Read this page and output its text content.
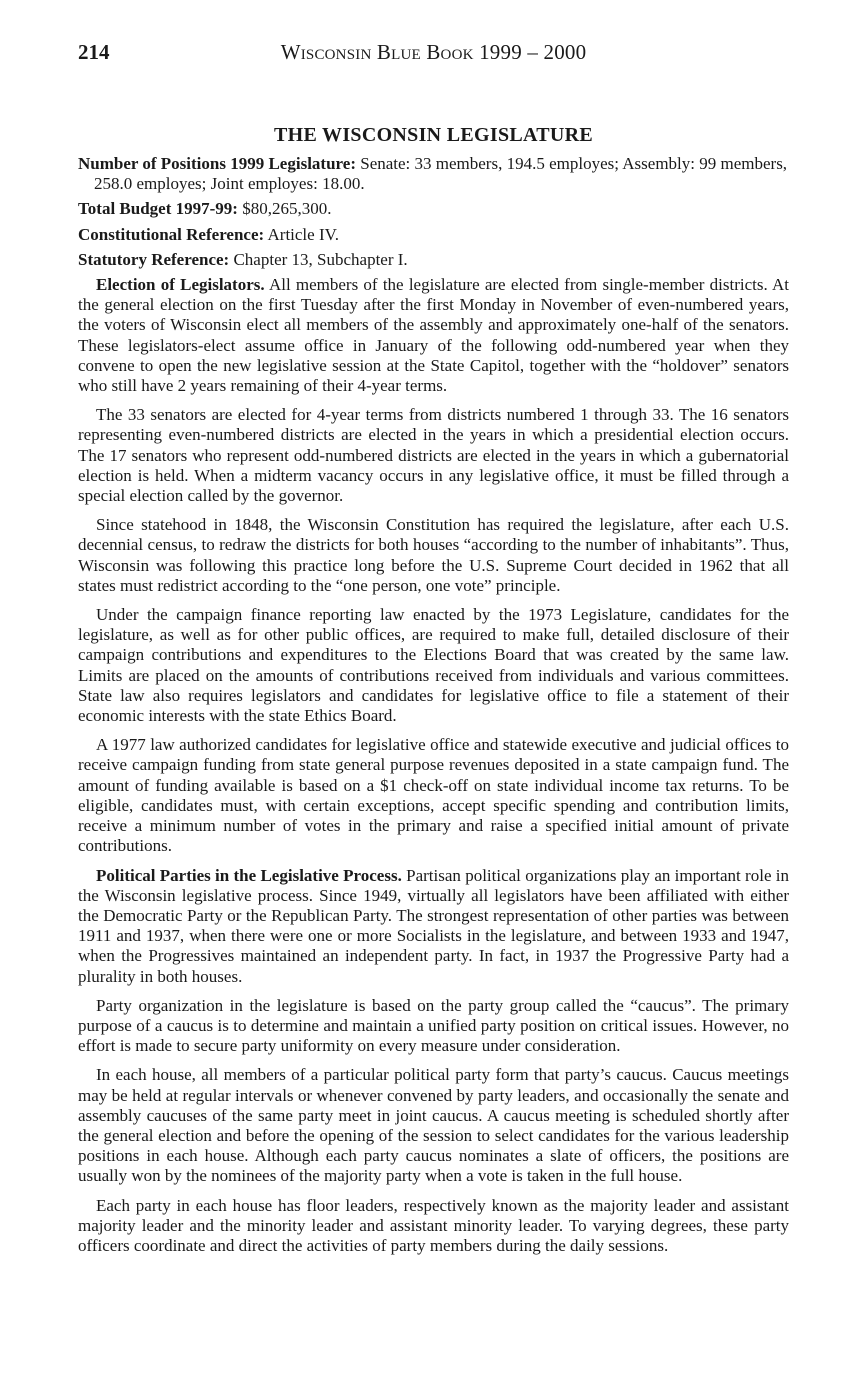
214	Wisconsin Blue Book 1999 – 2000
THE WISCONSIN LEGISLATURE

Number of Positions 1999 Legislature: Senate: 33 members, 194.5 employes; Assembly: 99 members, 258.0 employes; Joint employes: 18.00.

Total Budget 1997-99: $80,265,300.

Constitutional Reference: Article IV.

Statutory Reference: Chapter 13, Subchapter I.

Election of Legislators. All members of the legislature are elected from single-member districts. At the general election on the first Tuesday after the first Monday in November of even-numbered years, the voters of Wisconsin elect all members of the assembly and approximately one-half of the senators. These legislators-elect assume office in January of the following odd-numbered year when they convene to open the new legislative session at the State Capitol, together with the “holdover” senators who still have 2 years remaining of their 4-year terms.

The 33 senators are elected for 4-year terms from districts numbered 1 through 33. The 16 senators representing even-numbered districts are elected in the years in which a presidential election occurs. The 17 senators who represent odd-numbered districts are elected in the years in which a gubernatorial election is held. When a midterm vacancy occurs in any legislative office, it must be filled through a special election called by the governor.

Since statehood in 1848, the Wisconsin Constitution has required the legislature, after each U.S. decennial census, to redraw the districts for both houses “according to the number of inhabitants”. Thus, Wisconsin was following this practice long before the U.S. Supreme Court decided in 1962 that all states must redistrict according to the “one person, one vote” principle.

Under the campaign finance reporting law enacted by the 1973 Legislature, candidates for the legislature, as well as for other public offices, are required to make full, detailed disclosure of their campaign contributions and expenditures to the Elections Board that was created by the same law. Limits are placed on the amounts of contributions received from individuals and various committees. State law also requires legislators and candidates for legislative office to file a statement of their economic interests with the state Ethics Board.

A 1977 law authorized candidates for legislative office and statewide executive and judicial offices to receive campaign funding from state general purpose revenues deposited in a state campaign fund. The amount of funding available is based on a $1 check-off on state individual income tax returns. To be eligible, candidates must, with certain exceptions, accept specific spending and contribution limits, receive a minimum number of votes in the primary and raise a specified initial amount of private contributions.

Political Parties in the Legislative Process. Partisan political organizations play an important role in the Wisconsin legislative process. Since 1949, virtually all legislators have been affiliated with either the Democratic Party or the Republican Party. The strongest representation of other parties was between 1911 and 1937, when there were one or more Socialists in the legislature, and between 1933 and 1947, when the Progressives maintained an independent party. In fact, in 1937 the Progressive Party had a plurality in both houses.

Party organization in the legislature is based on the party group called the “caucus”. The primary purpose of a caucus is to determine and maintain a unified party position on critical issues. However, no effort is made to secure party uniformity on every measure under consideration.

In each house, all members of a particular political party form that party’s caucus. Caucus meetings may be held at regular intervals or whenever convened by party leaders, and occasionally the senate and assembly caucuses of the same party meet in joint caucus. A caucus meeting is scheduled shortly after the general election and before the opening of the session to select candidates for the various leadership positions in each house. Although each party caucus nominates a slate of officers, the positions are usually won by the nominees of the majority party when a vote is taken in the full house.

Each party in each house has floor leaders, respectively known as the majority leader and assistant majority leader and the minority leader and assistant minority leader. To varying degrees, these party officers coordinate and direct the activities of party members during the daily sessions.
